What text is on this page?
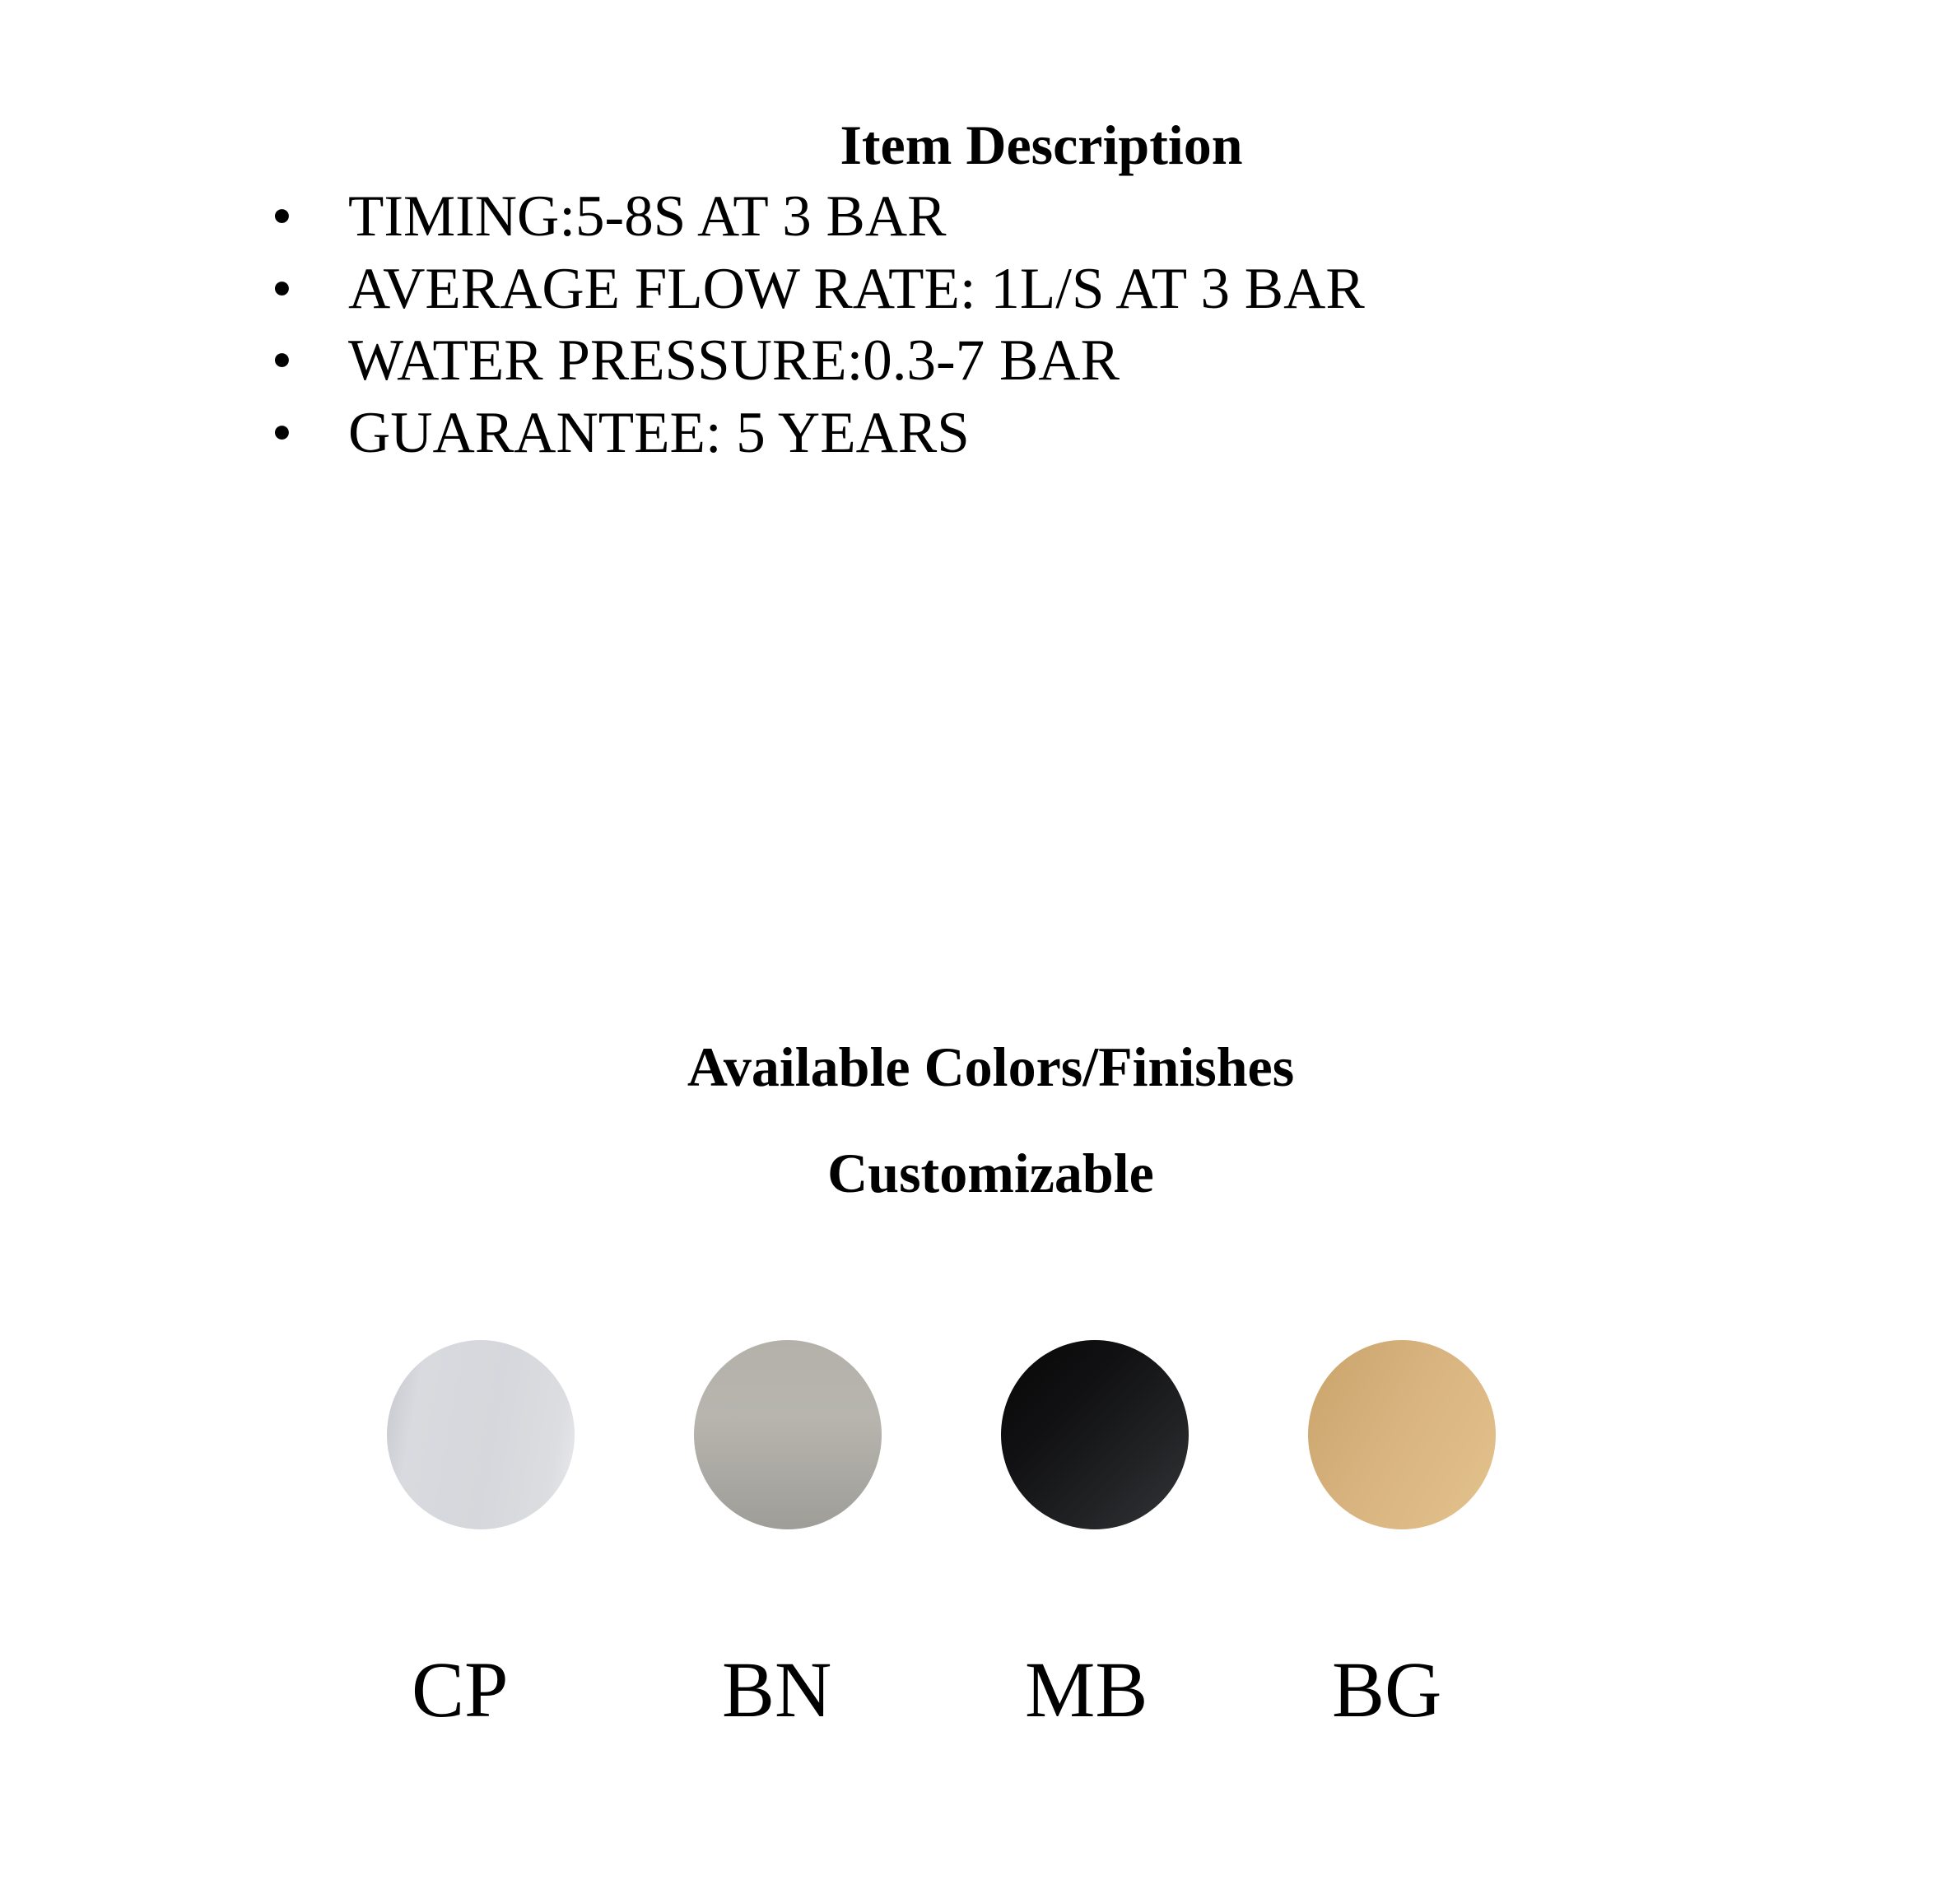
Item Description
• TIMING:5-8S AT 3 BAR
• AVERAGE FLOW RATE: 1L/S AT 3 BAR
• WATER PRESSURE:0.3-7 BAR
• GUARANTEE: 5 YEARS
Available Colors/Finishes
Customizable
CP	BN MB BG
